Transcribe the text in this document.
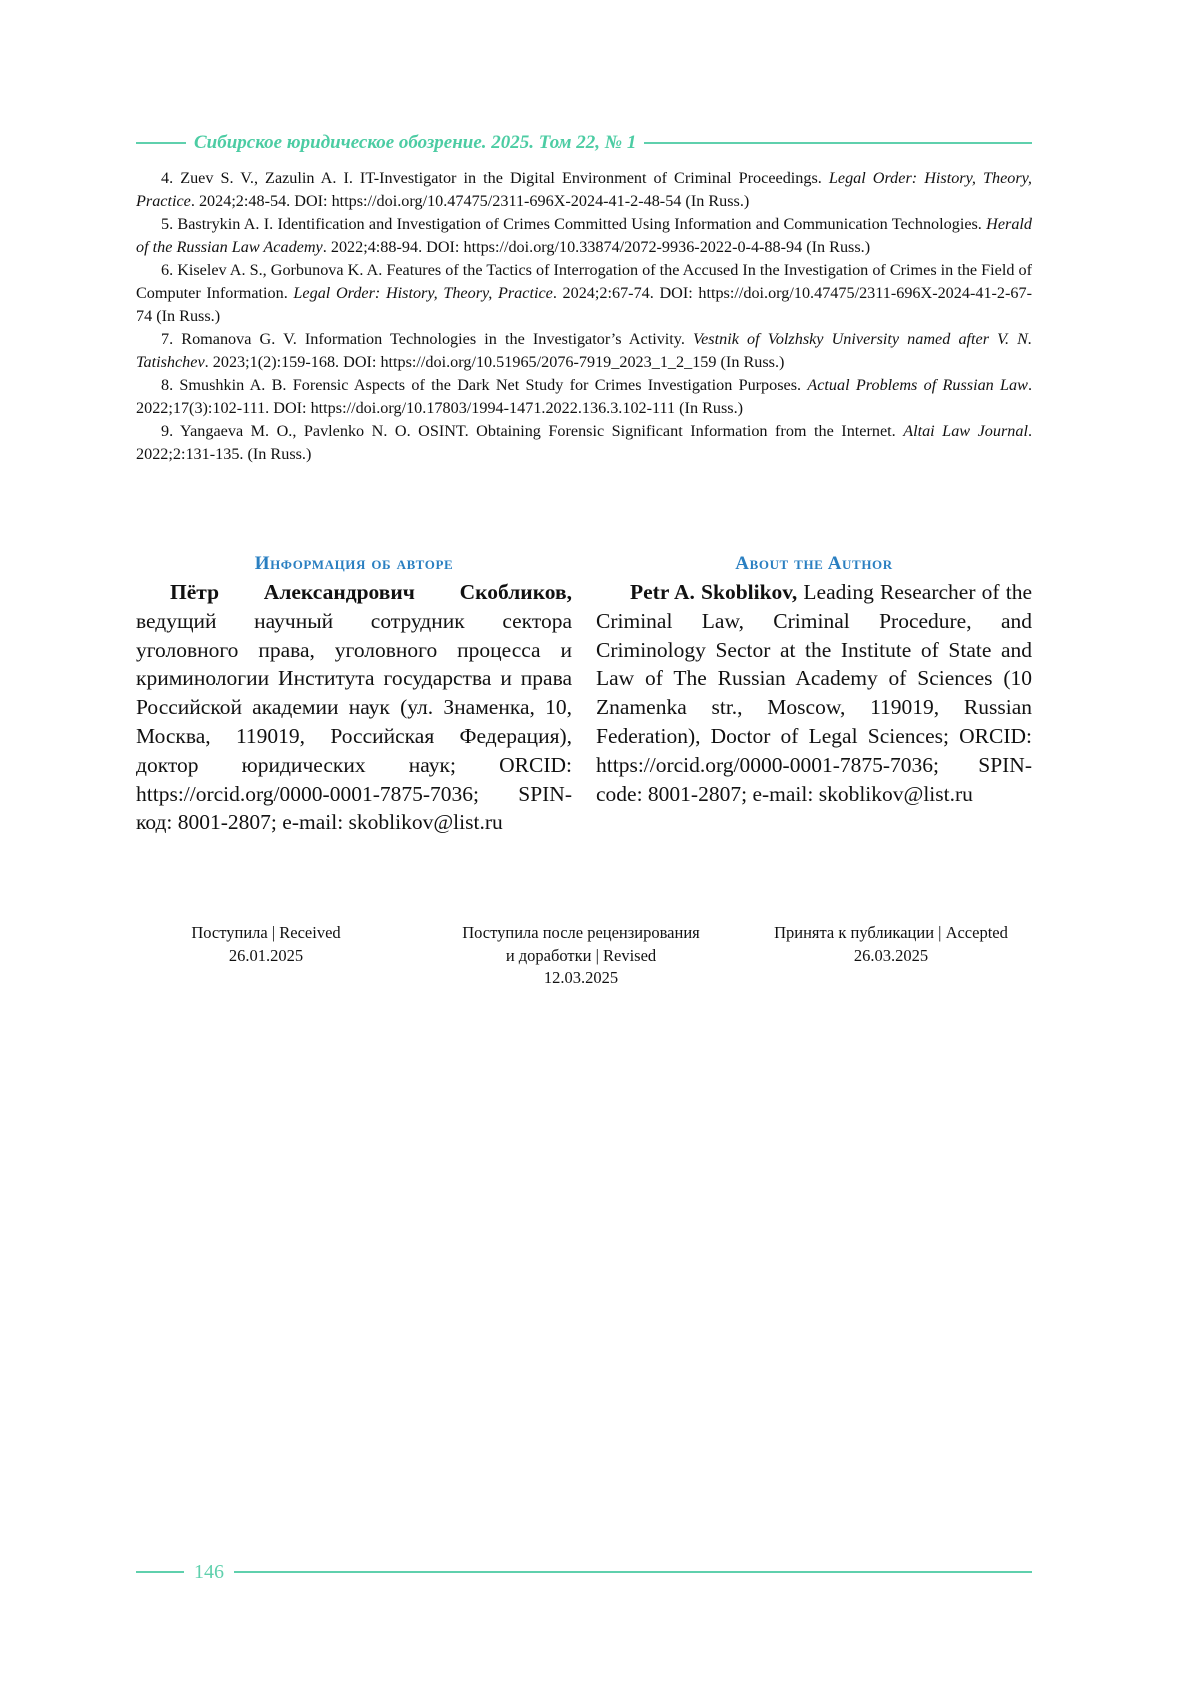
Сибирское юридическое обозрение. 2025. Том 22, № 1

4. Zuev S. V., Zazulin A. I. IT-Investigator in the Digital Environment of Criminal Proceedings. Legal Order: History, Theory, Practice. 2024;2:48-54. DOI: https://doi.org/10.47475/2311-696X-2024-41-2-48-54 (In Russ.)

5. Bastrykin A. I. Identification and Investigation of Crimes Committed Using Information and Communication Technologies. Herald of the Russian Law Academy. 2022;4:88-94. DOI: https://doi.org/10.33874/2072-9936-2022-0-4-88-94 (In Russ.)

6. Kiselev A. S., Gorbunova K. A. Features of the Tactics of Interrogation of the Accused In the Investigation of Crimes in the Field of Computer Information. Legal Order: History, Theory, Practice. 2024;2:67-74. DOI: https://doi.org/10.47475/2311-696X-2024-41-2-67-74 (In Russ.)

7. Romanova G. V. Information Technologies in the Investigator’s Activity. Vestnik of Volzhsky University named after V. N. Tatishchev. 2023;1(2):159-168. DOI: https://doi.org/10.51965/2076-7919_2023_1_2_159 (In Russ.)

8. Smushkin A. B. Forensic Aspects of the Dark Net Study for Crimes Investigation Purposes. Actual Problems of Russian Law. 2022;17(3):102-111. DOI: https://doi.org/10.17803/1994-1471.2022.136.3.102-111 (In Russ.)

9. Yangaeva M. O., Pavlenko N. O. OSINT. Obtaining Forensic Significant Information from the Internet. Altai Law Journal. 2022;2:131-135. (In Russ.)

Информация об авторе

Пётр Александрович Скобликов, ведущий научный сотрудник сектора уголовного права, уголовного процесса и криминологии Института государства и права Российской академии наук (ул. Знаменка, 10, Москва, 119019, Российская Федерация), доктор юридических наук; ORCID: https://orcid.org/0000-0001-7875-7036; SPIN-код: 8001-2807; e-mail: skoblikov@list.ru

About the Author

Petr A. Skoblikov, Leading Researcher of the Criminal Law, Criminal Procedure, and Criminology Sector at the Institute of State and Law of The Russian Academy of Sciences (10 Znamenka str., Moscow, 119019, Russian Federation), Doctor of Legal Sciences; ORCID: https://orcid.org/0000-0001-7875-7036; SPIN-code: 8001-2807; e-mail: skoblikov@list.ru

Поступила | Received
26.01.2025
Поступила после рецензирования
и доработки | Revised
12.03.2025
Принята к публикации | Accepted
26.03.2025
146
